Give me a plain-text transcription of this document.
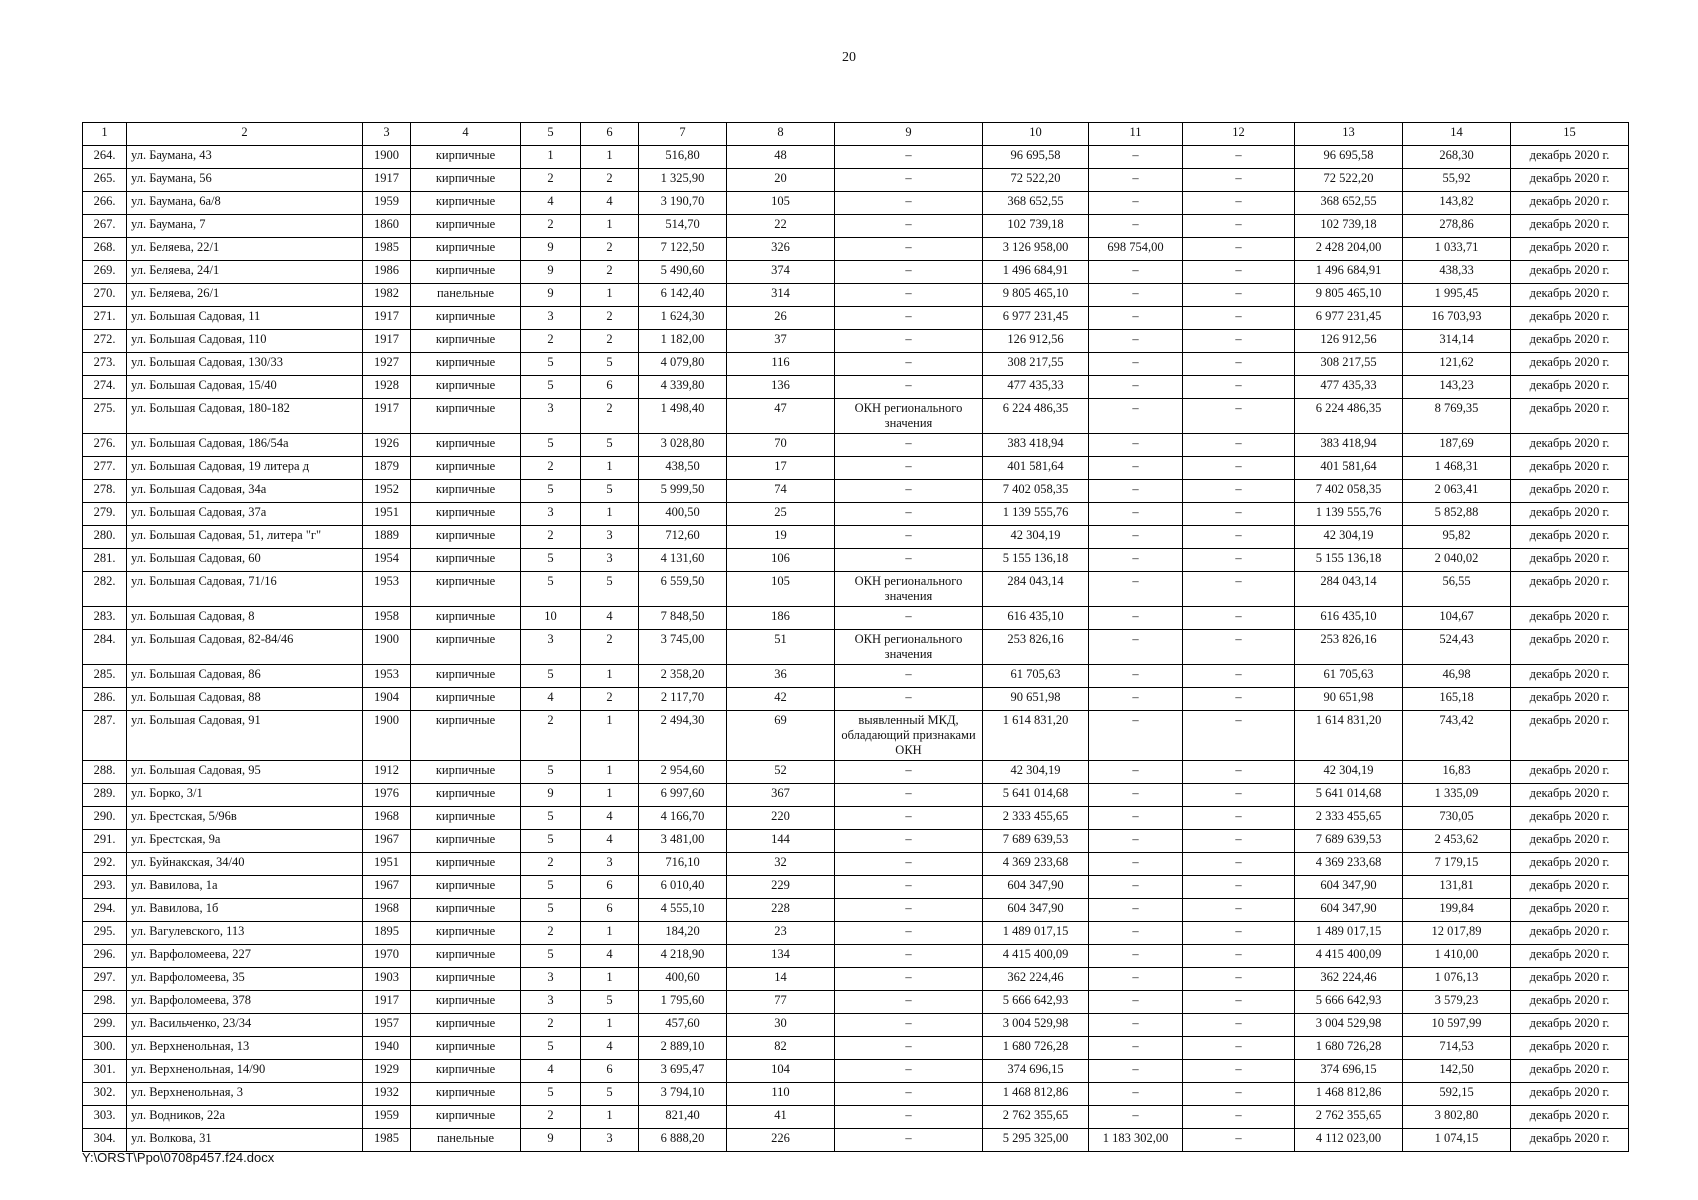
20
1	2	3	4	5	6	7	8	9	10	11	12	13	14	15
264.	ул. Баумана, 43	1900	кирпичные	1	1	516,80	48	–	96 695,58	–	–	96 695,58	268,30	декабрь 2020 г.
265.	ул. Баумана, 56	1917	кирпичные	2	2	1 325,90	20	–	72 522,20	–	–	72 522,20	55,92	декабрь 2020 г.
266.	ул. Баумана, 6а/8	1959	кирпичные	4	4	3 190,70	105	–	368 652,55	–	–	368 652,55	143,82	декабрь 2020 г.
267.	ул. Баумана, 7	1860	кирпичные	2	1	514,70	22	–	102 739,18	–	–	102 739,18	278,86	декабрь 2020 г.
268.	ул. Беляева, 22/1	1985	кирпичные	9	2	7 122,50	326	–	3 126 958,00	698 754,00	–	2 428 204,00	1 033,71	декабрь 2020 г.
269.	ул. Беляева, 24/1	1986	кирпичные	9	2	5 490,60	374	–	1 496 684,91	–	–	1 496 684,91	438,33	декабрь 2020 г.
270.	ул. Беляева, 26/1	1982	панельные	9	1	6 142,40	314	–	9 805 465,10	–	–	9 805 465,10	1 995,45	декабрь 2020 г.
271.	ул. Большая Садовая, 11	1917	кирпичные	3	2	1 624,30	26	–	6 977 231,45	–	–	6 977 231,45	16 703,93	декабрь 2020 г.
272.	ул. Большая Садовая, 110	1917	кирпичные	2	2	1 182,00	37	–	126 912,56	–	–	126 912,56	314,14	декабрь 2020 г.
273.	ул. Большая Садовая, 130/33	1927	кирпичные	5	5	4 079,80	116	–	308 217,55	–	–	308 217,55	121,62	декабрь 2020 г.
274.	ул. Большая Садовая, 15/40	1928	кирпичные	5	6	4 339,80	136	–	477 435,33	–	–	477 435,33	143,23	декабрь 2020 г.
275.	ул. Большая Садовая, 180-182	1917	кирпичные	3	2	1 498,40	47	ОКН регионального значения	6 224 486,35	–	–	6 224 486,35	8 769,35	декабрь 2020 г.
276.	ул. Большая Садовая, 186/54а	1926	кирпичные	5	5	3 028,80	70	–	383 418,94	–	–	383 418,94	187,69	декабрь 2020 г.
277.	ул. Большая Садовая, 19 литера д	1879	кирпичные	2	1	438,50	17	–	401 581,64	–	–	401 581,64	1 468,31	декабрь 2020 г.
278.	ул. Большая Садовая, 34а	1952	кирпичные	5	5	5 999,50	74	–	7 402 058,35	–	–	7 402 058,35	2 063,41	декабрь 2020 г.
279.	ул. Большая Садовая, 37а	1951	кирпичные	3	1	400,50	25	–	1 139 555,76	–	–	1 139 555,76	5 852,88	декабрь 2020 г.
280.	ул. Большая Садовая, 51, литера "г"	1889	кирпичные	2	3	712,60	19	–	42 304,19	–	–	42 304,19	95,82	декабрь 2020 г.
281.	ул. Большая Садовая, 60	1954	кирпичные	5	3	4 131,60	106	–	5 155 136,18	–	–	5 155 136,18	2 040,02	декабрь 2020 г.
282.	ул. Большая Садовая, 71/16	1953	кирпичные	5	5	6 559,50	105	ОКН регионального значения	284 043,14	–	–	284 043,14	56,55	декабрь 2020 г.
283.	ул. Большая Садовая, 8	1958	кирпичные	10	4	7 848,50	186	–	616 435,10	–	–	616 435,10	104,67	декабрь 2020 г.
284.	ул. Большая Садовая, 82-84/46	1900	кирпичные	3	2	3 745,00	51	ОКН регионального значения	253 826,16	–	–	253 826,16	524,43	декабрь 2020 г.
285.	ул. Большая Садовая, 86	1953	кирпичные	5	1	2 358,20	36	–	61 705,63	–	–	61 705,63	46,98	декабрь 2020 г.
286.	ул. Большая Садовая, 88	1904	кирпичные	4	2	2 117,70	42	–	90 651,98	–	–	90 651,98	165,18	декабрь 2020 г.
287.	ул. Большая Садовая, 91	1900	кирпичные	2	1	2 494,30	69	выявленный МКД, обладающий признаками ОКН	1 614 831,20	–	–	1 614 831,20	743,42	декабрь 2020 г.
288.	ул. Большая Садовая, 95	1912	кирпичные	5	1	2 954,60	52	–	42 304,19	–	–	42 304,19	16,83	декабрь 2020 г.
289.	ул. Борко, 3/1	1976	кирпичные	9	1	6 997,60	367	–	5 641 014,68	–	–	5 641 014,68	1 335,09	декабрь 2020 г.
290.	ул. Брестская, 5/96в	1968	кирпичные	5	4	4 166,70	220	–	2 333 455,65	–	–	2 333 455,65	730,05	декабрь 2020 г.
291.	ул. Брестская, 9а	1967	кирпичные	5	4	3 481,00	144	–	7 689 639,53	–	–	7 689 639,53	2 453,62	декабрь 2020 г.
292.	ул. Буйнакская, 34/40	1951	кирпичные	2	3	716,10	32	–	4 369 233,68	–	–	4 369 233,68	7 179,15	декабрь 2020 г.
293.	ул. Вавилова, 1а	1967	кирпичные	5	6	6 010,40	229	–	604 347,90	–	–	604 347,90	131,81	декабрь 2020 г.
294.	ул. Вавилова, 1б	1968	кирпичные	5	6	4 555,10	228	–	604 347,90	–	–	604 347,90	199,84	декабрь 2020 г.
295.	ул. Вагулевского, 113	1895	кирпичные	2	1	184,20	23	–	1 489 017,15	–	–	1 489 017,15	12 017,89	декабрь 2020 г.
296.	ул. Варфоломеева, 227	1970	кирпичные	5	4	4 218,90	134	–	4 415 400,09	–	–	4 415 400,09	1 410,00	декабрь 2020 г.
297.	ул. Варфоломеева, 35	1903	кирпичные	3	1	400,60	14	–	362 224,46	–	–	362 224,46	1 076,13	декабрь 2020 г.
298.	ул. Варфоломеева, 378	1917	кирпичные	3	5	1 795,60	77	–	5 666 642,93	–	–	5 666 642,93	3 579,23	декабрь 2020 г.
299.	ул. Васильченко, 23/34	1957	кирпичные	2	1	457,60	30	–	3 004 529,98	–	–	3 004 529,98	10 597,99	декабрь 2020 г.
300.	ул. Верхненольная, 13	1940	кирпичные	5	4	2 889,10	82	–	1 680 726,28	–	–	1 680 726,28	714,53	декабрь 2020 г.
301.	ул. Верхненольная, 14/90	1929	кирпичные	4	6	3 695,47	104	–	374 696,15	–	–	374 696,15	142,50	декабрь 2020 г.
302.	ул. Верхненольная, 3	1932	кирпичные	5	5	3 794,10	110	–	1 468 812,86	–	–	1 468 812,86	592,15	декабрь 2020 г.
303.	ул. Водников, 22а	1959	кирпичные	2	1	821,40	41	–	2 762 355,65	–	–	2 762 355,65	3 802,80	декабрь 2020 г.
304.	ул. Волкова, 31	1985	панельные	9	3	6 888,20	226	–	5 295 325,00	1 183 302,00	–	4 112 023,00	1 074,15	декабрь 2020 г.
Y:\ORST\Ppo\0708p457.f24.docx
